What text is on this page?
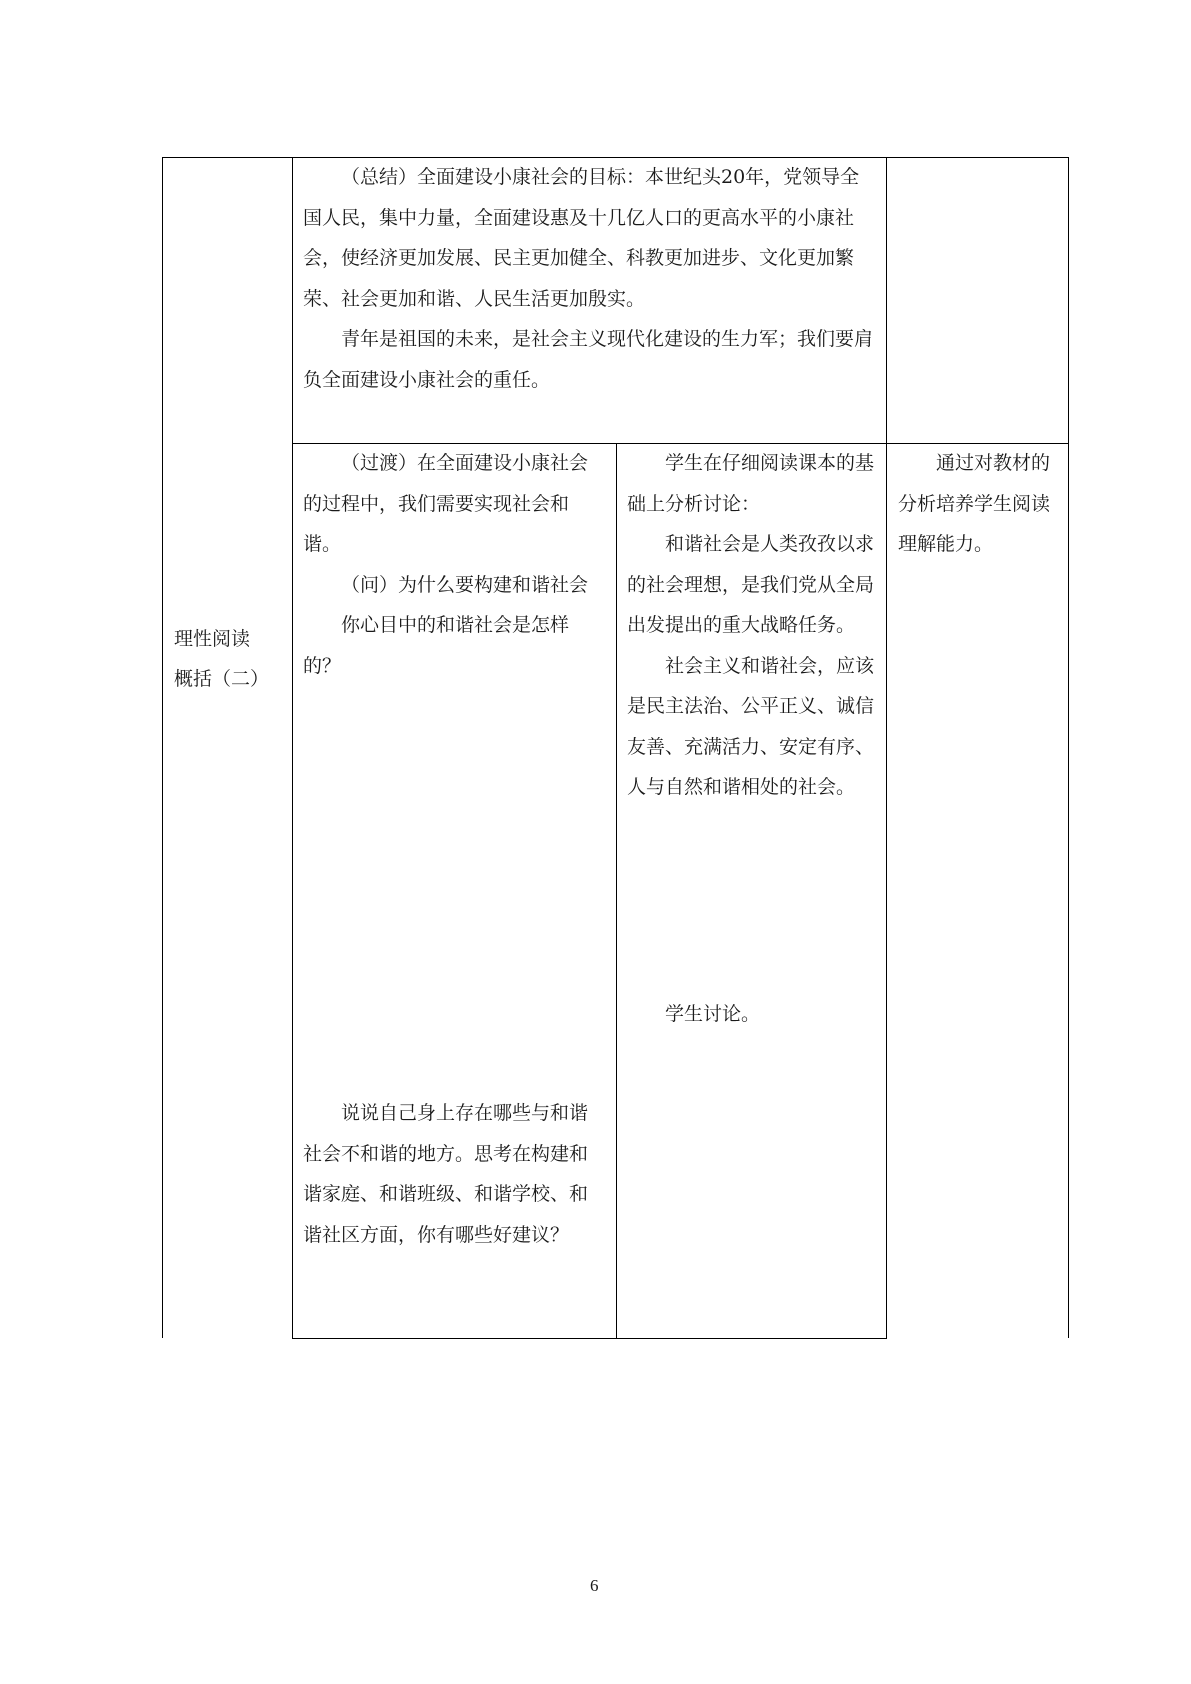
理性阅读
概括（二）

（总结）全面建设小康社会的目标：本世纪头20年，党领导全国人民，集中力量，全面建设惠及十几亿人口的更高水平的小康社会，使经济更加发展、民主更加健全、科教更加进步、文化更加繁荣、社会更加和谐、人民生活更加殷实。

青年是祖国的未来，是社会主义现代化建设的生力军；我们要肩负全面建设小康社会的重任。

（过渡）在全面建设小康社会的过程中，我们需要实现社会和谐。

（问）为什么要构建和谐社会

你心目中的和谐社会是怎样的？

说说自己身上存在哪些与和谐社会不和谐的地方。思考在构建和谐家庭、和谐班级、和谐学校、和谐社区方面，你有哪些好建议？

学生在仔细阅读课本的基础上分析讨论：

和谐社会是人类孜孜以求的社会理想，是我们党从全局出发提出的重大战略任务。

社会主义和谐社会，应该是民主法治、公平正义、诚信友善、充满活力、安定有序、人与自然和谐相处的社会。

学生讨论。

通过对教材的分析培养学生阅读理解能力。

6
